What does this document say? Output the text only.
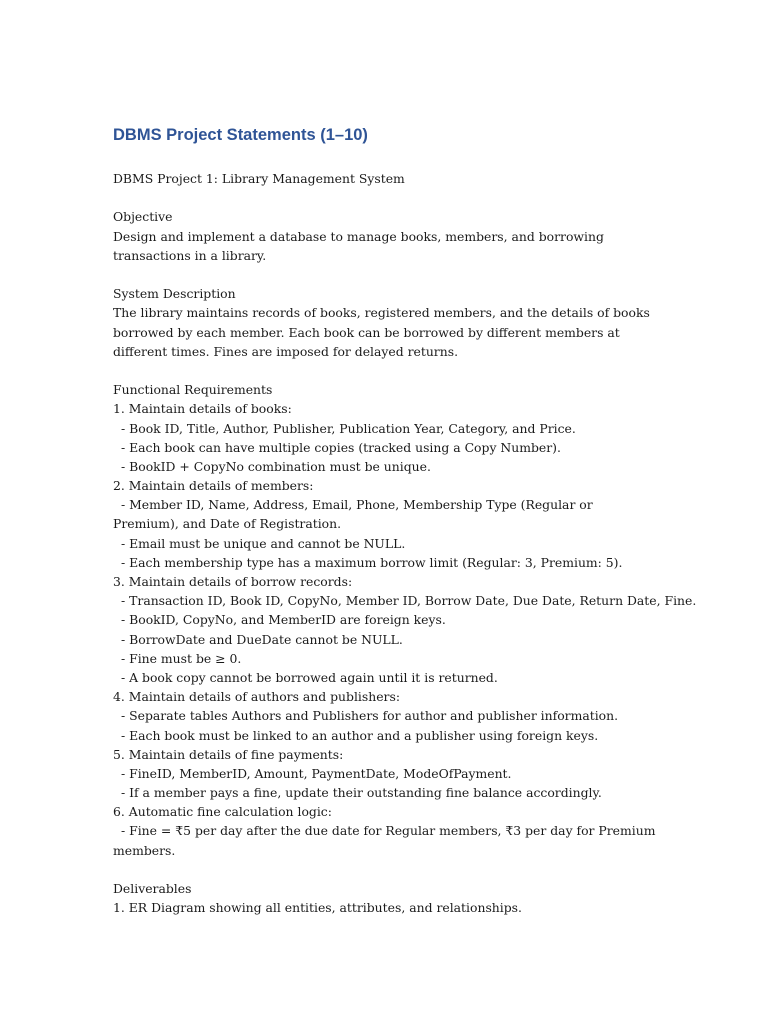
DBMS Project Statements (1–10)
DBMS Project 1: Library Management System
Objective
Design and implement a database to manage books, members, and borrowing transactions in a library.
System Description
The library maintains records of books, registered members, and the details of books borrowed by each member. Each book can be borrowed by different members at different times. Fines are imposed for delayed returns.
Functional Requirements
1. Maintain details of books:
- Book ID, Title, Author, Publisher, Publication Year, Category, and Price.
- Each book can have multiple copies (tracked using a Copy Number).
- BookID + CopyNo combination must be unique.
2. Maintain details of members:
- Member ID, Name, Address, Email, Phone, Membership Type (Regular or Premium), and Date of Registration.
- Email must be unique and cannot be NULL.
- Each membership type has a maximum borrow limit (Regular: 3, Premium: 5).
3. Maintain details of borrow records:
- Transaction ID, Book ID, CopyNo, Member ID, Borrow Date, Due Date, Return Date, Fine.
- BookID, CopyNo, and MemberID are foreign keys.
- BorrowDate and DueDate cannot be NULL.
- Fine must be ≥ 0.
- A book copy cannot be borrowed again until it is returned.
4. Maintain details of authors and publishers:
- Separate tables Authors and Publishers for author and publisher information.
- Each book must be linked to an author and a publisher using foreign keys.
5. Maintain details of fine payments:
- FineID, MemberID, Amount, PaymentDate, ModeOfPayment.
- If a member pays a fine, update their outstanding fine balance accordingly.
6. Automatic fine calculation logic:
- Fine = ₹5 per day after the due date for Regular members, ₹3 per day for Premium members.
Deliverables
1. ER Diagram showing all entities, attributes, and relationships.
